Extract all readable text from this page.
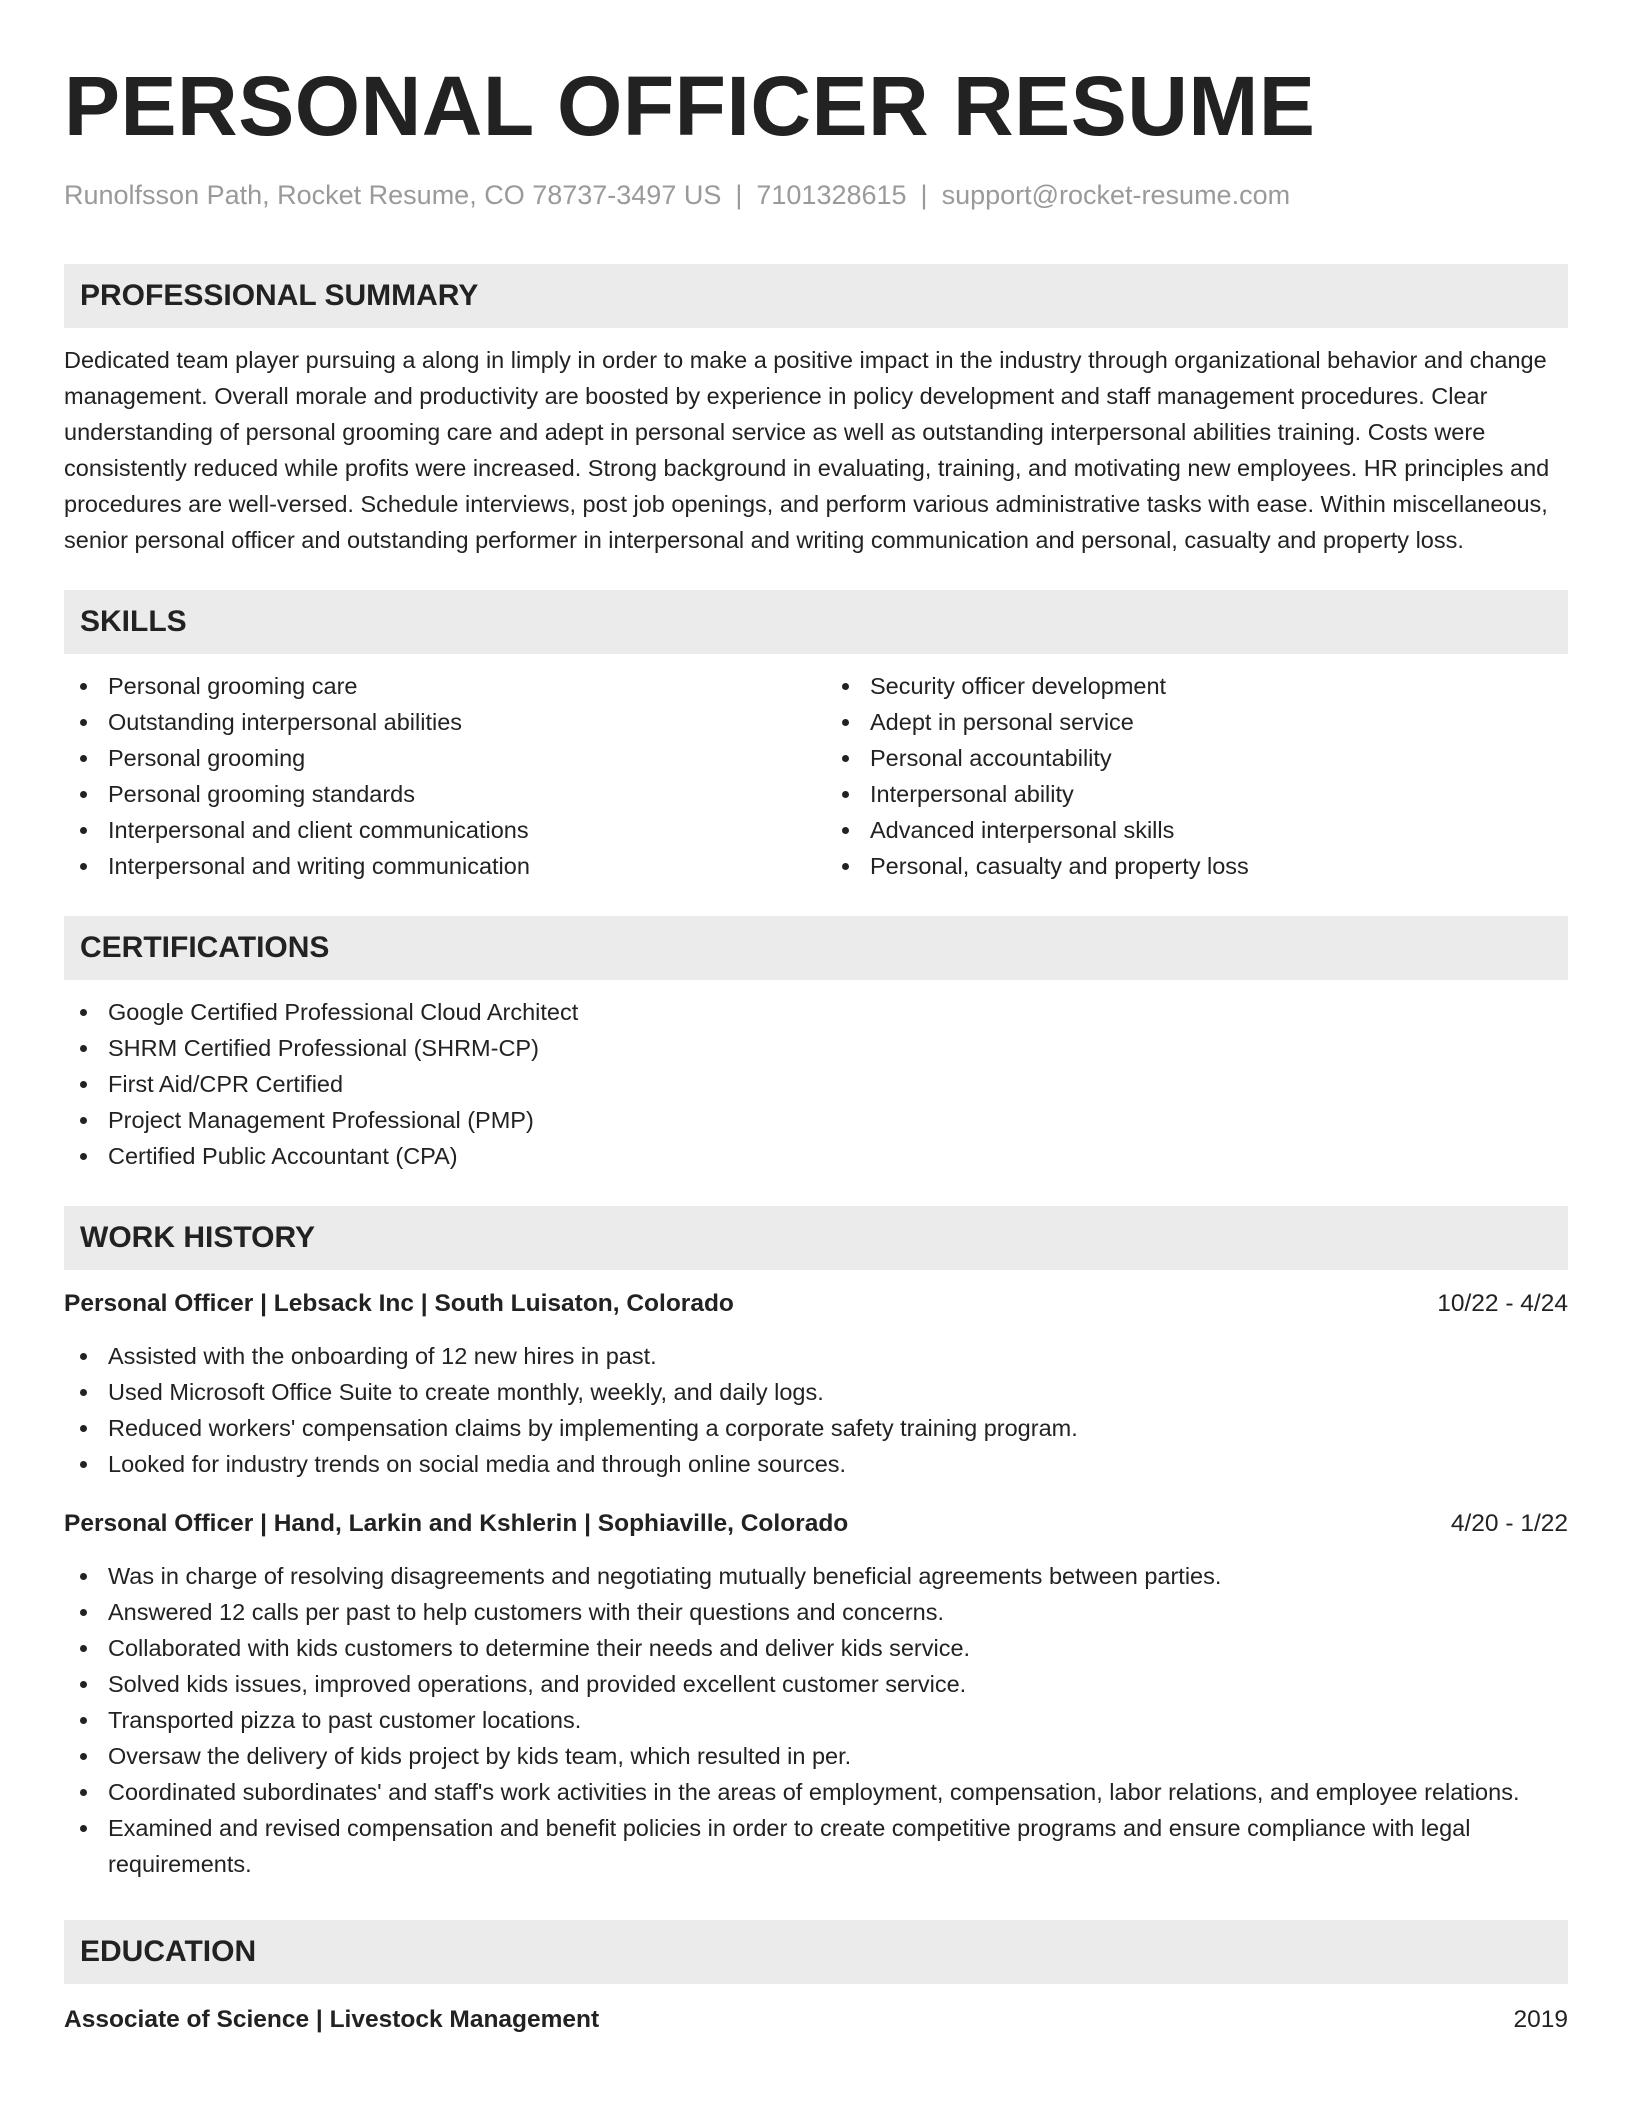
PERSONAL OFFICER RESUME
Runolfsson Path, Rocket Resume, CO 78737-3497 US | 7101328615 | support@rocket-resume.com
PROFESSIONAL SUMMARY

Dedicated team player pursuing a along in limply in order to make a positive impact in the industry through organizational behavior and change management. Overall morale and productivity are boosted by experience in policy development and staff management procedures. Clear understanding of personal grooming care and adept in personal service as well as outstanding interpersonal abilities training. Costs were consistently reduced while profits were increased. Strong background in evaluating, training, and motivating new employees. HR principles and procedures are well-versed. Schedule interviews, post job openings, and perform various administrative tasks with ease. Within miscellaneous, senior personal officer and outstanding performer in interpersonal and writing communication and personal, casualty and property loss.

SKILLS
Personal grooming care
Outstanding interpersonal abilities
Personal grooming
Personal grooming standards
Interpersonal and client communications
Interpersonal and writing communication
Security officer development
Adept in personal service
Personal accountability
Interpersonal ability
Advanced interpersonal skills
Personal, casualty and property loss
CERTIFICATIONS
Google Certified Professional Cloud Architect
SHRM Certified Professional (SHRM-CP)
First Aid/CPR Certified
Project Management Professional (PMP)
Certified Public Accountant (CPA)
WORK HISTORY
Personal Officer | Lebsack Inc | South Luisaton, Colorado	10/22 - 4/24
Assisted with the onboarding of 12 new hires in past.
Used Microsoft Office Suite to create monthly, weekly, and daily logs.
Reduced workers' compensation claims by implementing a corporate safety training program.
Looked for industry trends on social media and through online sources.
Personal Officer | Hand, Larkin and Kshlerin | Sophiaville, Colorado	4/20 - 1/22
Was in charge of resolving disagreements and negotiating mutually beneficial agreements between parties.
Answered 12 calls per past to help customers with their questions and concerns.
Collaborated with kids customers to determine their needs and deliver kids service.
Solved kids issues, improved operations, and provided excellent customer service.
Transported pizza to past customer locations.
Oversaw the delivery of kids project by kids team, which resulted in per.
Coordinated subordinates' and staff's work activities in the areas of employment, compensation, labor relations, and employee relations.
Examined and revised compensation and benefit policies in order to create competitive programs and ensure compliance with legal requirements.
EDUCATION
Associate of Science | Livestock Management	2019
